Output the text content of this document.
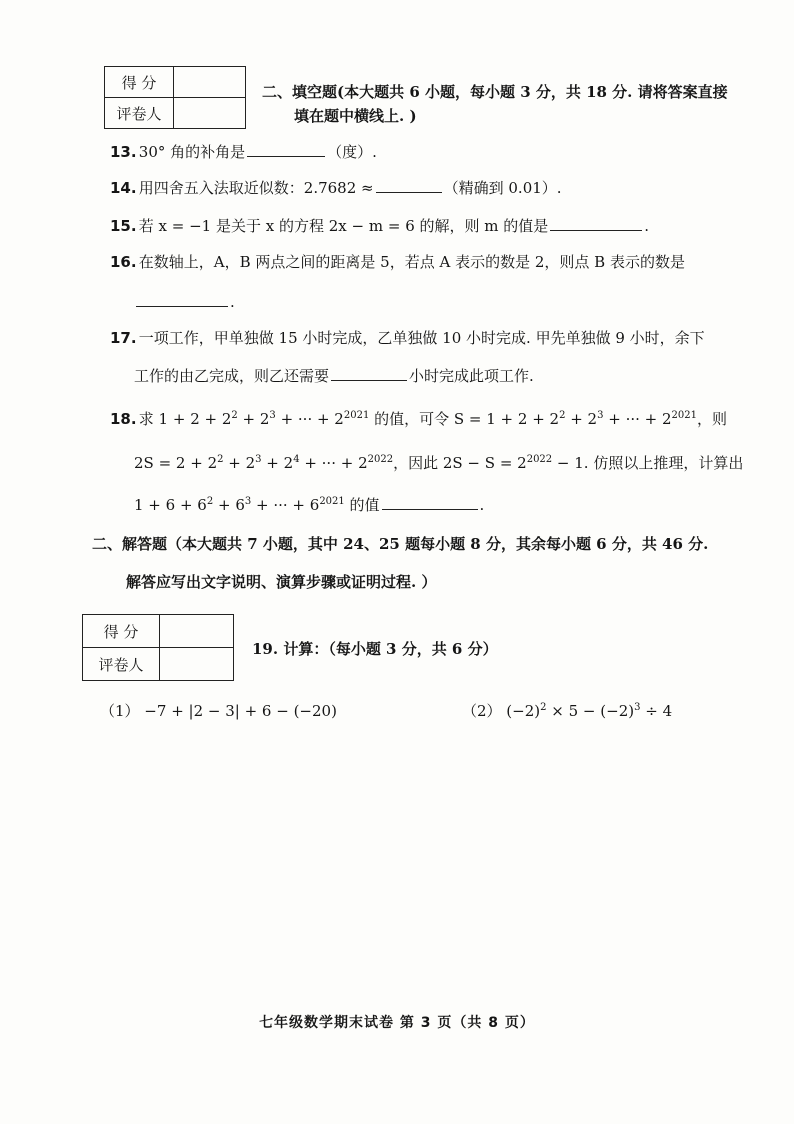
得 分	
评卷人	
二、填空题(本大题共 6 小题，每小题 3 分，共 18 分. 请将答案直接
填在题中横线上. )
13. 30° 角的补角是	（度）.
14. 用四舍五入法取近似数：2.7682 ≈	（精确到 0.01）.
15. 若 x = −1 是关于 x 的方程 2x − m = 6 的解，则 m 的值是	.
16. 在数轴上，A，B 两点之间的距离是 5，若点 A 表示的数是 2，则点 B 表示的数是
.
17. 一项工作，甲单独做 15 小时完成，乙单独做 10 小时完成. 甲先单独做 9 小时，余下
工作的由乙完成，则乙还需要	小时完成此项工作.
18. 求 $1 + 2 + 2^2 + 2^3$ + ··· + $2^{2021}$ 的值，可令 $S = 1 + 2 + 2^2 + 2^3$ + ··· + $2^{2021}$，则
$2S = 2 + 2^2 + 2^3 + 2^4$ + ··· + $2^{2022}$，因此 $2S - S = 2^{2022} - 1$. 仿照以上推理，计算出
$1 + 6 + 6^2 + 6^3$ + ··· + $6^{2021}$ 的值	.
二、解答题（本大题共 7 小题，其中 24、25 题每小题 8 分，其余每小题 6 分，共 46 分.
解答应写出文字说明、演算步骤或证明过程. ）
得 分	
评卷人	
19. 计算：（每小题 3 分，共 6 分）
（1） −7 + |2 − 3| + 6 − (−20)	（2） $(-2)^2 \times 5 - (-2)^3 \div 4$
七年级数学期末试卷 第 3 页（共 8 页）
